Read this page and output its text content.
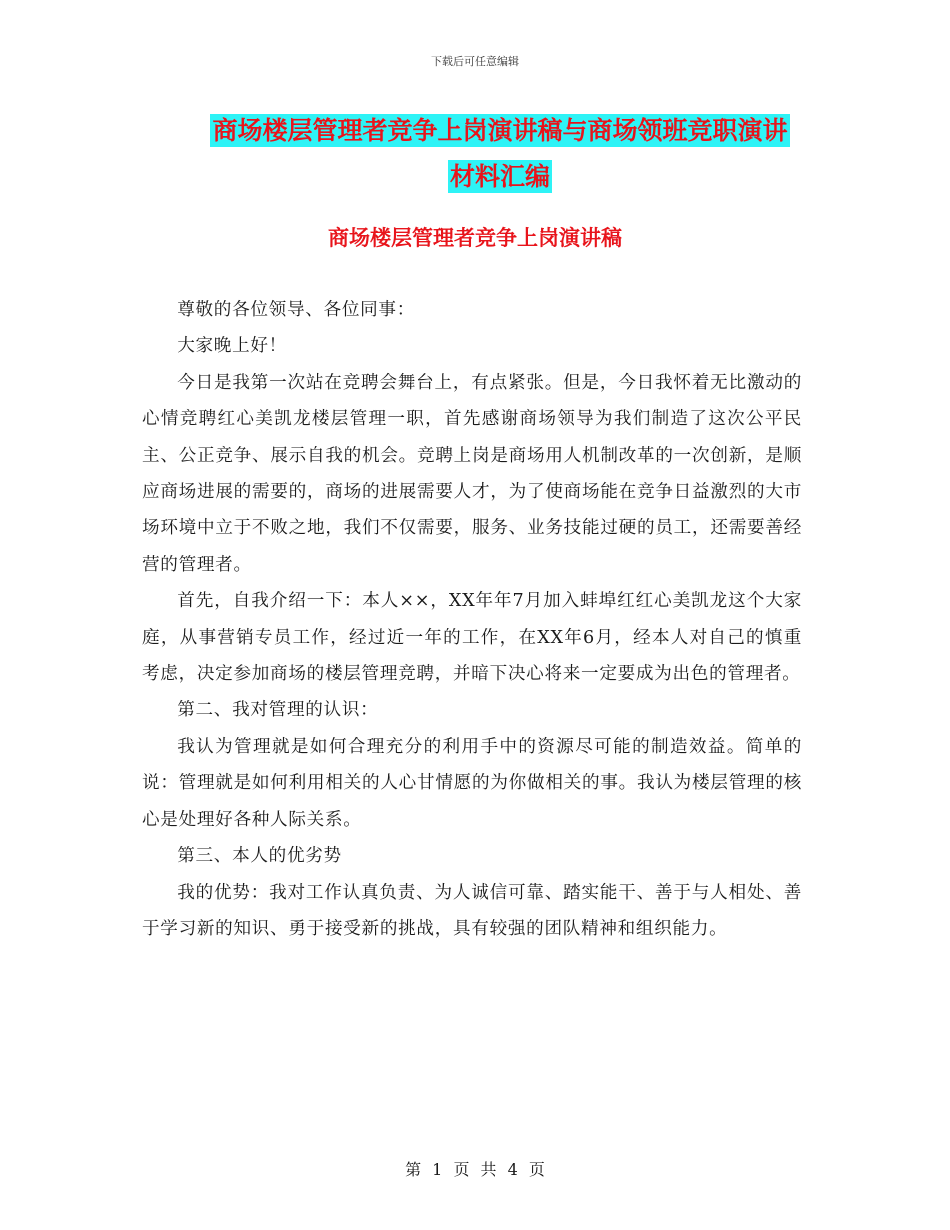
下载后可任意编辑
商场楼层管理者竞争上岗演讲稿与商场领班竞职演讲
材料汇编
商场楼层管理者竞争上岗演讲稿

尊敬的各位领导、各位同事：

大家晚上好！

今日是我第一次站在竞聘会舞台上，有点紧张。但是，今日我怀着无比激动的心情竞聘红心美凯龙楼层管理一职，首先感谢商场领导为我们制造了这次公平民主、公正竞争、展示自我的机会。竞聘上岗是商场用人机制改革的一次创新，是顺应商场进展的需要的，商场的进展需要人才，为了使商场能在竞争日益激烈的大市场环境中立于不败之地，我们不仅需要，服务、业务技能过硬的员工，还需要善经营的管理者。

首先，自我介绍一下：本人××，XX年年7月加入蚌埠红红心美凯龙这个大家庭，从事营销专员工作，经过近一年的工作，在XX年6月，经本人对自己的慎重考虑，决定参加商场的楼层管理竞聘，并暗下决心将来一定要成为出色的管理者。

第二、我对管理的认识：

我认为管理就是如何合理充分的利用手中的资源尽可能的制造效益。简单的说：管理就是如何利用相关的人心甘情愿的为你做相关的事。我认为楼层管理的核心是处理好各种人际关系。

第三、本人的优劣势

我的优势：我对工作认真负责、为人诚信可靠、踏实能干、善于与人相处、善于学习新的知识、勇于接受新的挑战，具有较强的团队精神和组织能力。

第 1 页 共 4 页
